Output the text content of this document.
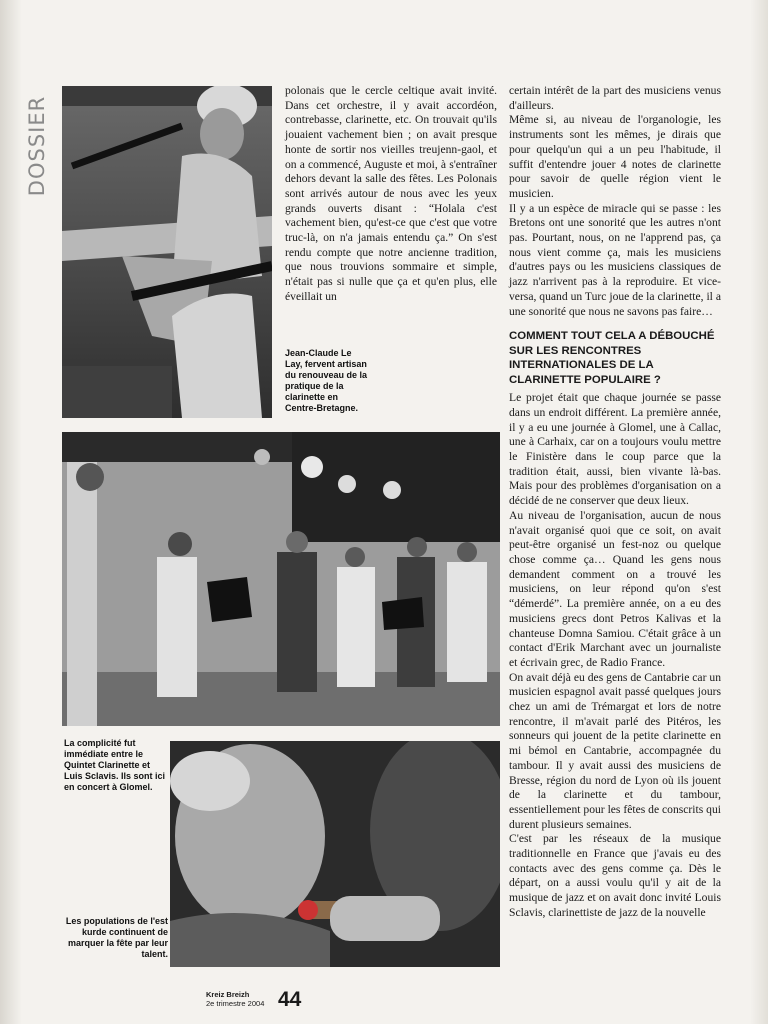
DOSSIER
Jean-Claude Le Lay, fervent artisan du renouveau de la pratique de la clarinette en Centre-Bretagne.
La complicité fut immédiate entre le Quintet Clarinette et Luis Sclavis. Ils sont ici en concert à Glomel.
Les populations de l'est kurde continuent de marquer la fête par leur talent.

polonais que le cercle celtique avait invité. Dans cet orchestre, il y avait accordéon, contrebasse, clarinette, etc. On trouvait qu'ils jouaient vachement bien ; on avait presque honte de sortir nos vieilles treujenn-gaol, et on a commencé, Auguste et moi, à s'entraîner dehors devant la salle des fêtes. Les Polonais sont arrivés autour de nous avec les yeux grands ouverts disant : “Holala c'est vachement bien, qu'est-ce que c'est que votre truc-là, on n'a jamais entendu ça.” On s'est rendu compte que notre ancienne tradition, que nous trouvions sommaire et simple, n'était pas si nulle que ça et qu'en plus, elle éveillait un

certain intérêt de la part des musiciens venus d'ailleurs.

Même si, au niveau de l'organologie, les instruments sont les mêmes, je dirais que pour quelqu'un qui a un peu l'habitude, il suffit d'entendre jouer 4 notes de clarinette pour savoir de quelle région vient le musicien.

Il y a un espèce de miracle qui se passe : les Bretons ont une sonorité que les autres n'ont pas. Pourtant, nous, on ne l'apprend pas, ça nous vient comme ça, mais les musiciens d'autres pays ou les musiciens classiques de jazz n'arrivent pas à la reproduire. Et vice-versa, quand un Turc joue de la clarinette, il a une sonorité que nous ne savons pas faire…

COMMENT TOUT CELA A DÉBOUCHÉ SUR LES RENCONTRES INTERNATIONALES DE LA CLARINETTE POPULAIRE ?

Le projet était que chaque journée se passe dans un endroit différent. La première année, il y a eu une journée à Glomel, une à Callac, une à Carhaix, car on a toujours voulu mettre le Finistère dans le coup parce que la tradition était, aussi, bien vivante là-bas. Mais pour des problèmes d'organisation on a décidé de ne conserver que deux lieux.

Au niveau de l'organisation, aucun de nous n'avait organisé quoi que ce soit, on avait peut-être organisé un fest-noz ou quelque chose comme ça… Quand les gens nous demandent comment on a trouvé les musiciens, on leur répond qu'on s'est “démerdé”. La première année, on a eu des musiciens grecs dont Petros Kalivas et la chanteuse Domna Samiou. C'était grâce à un contact d'Erik Marchant avec un journaliste et écrivain grec, de Radio France.

On avait déjà eu des gens de Cantabrie car un musicien espagnol avait passé quelques jours chez un ami de Trémargat et lors de notre rencontre, il m'avait parlé des Pitéros, les sonneurs qui jouent de la petite clarinette en mi bémol en Cantabrie, accompagnée du tambour. Il y avait aussi des musiciens de Bresse, région du nord de Lyon où ils jouent de la clarinette et du tambour, essentiellement pour les fêtes de conscrits qui durent plusieurs semaines.

C'est par les réseaux de la musique traditionnelle en France que j'avais eu des contacts avec des gens comme ça. Dès le départ, on a aussi voulu qu'il y ait de la musique de jazz et on avait donc invité Louis Sclavis, clarinettiste de jazz de la nouvelle

Kreiz Breizh
2e trimestre 2004 44
